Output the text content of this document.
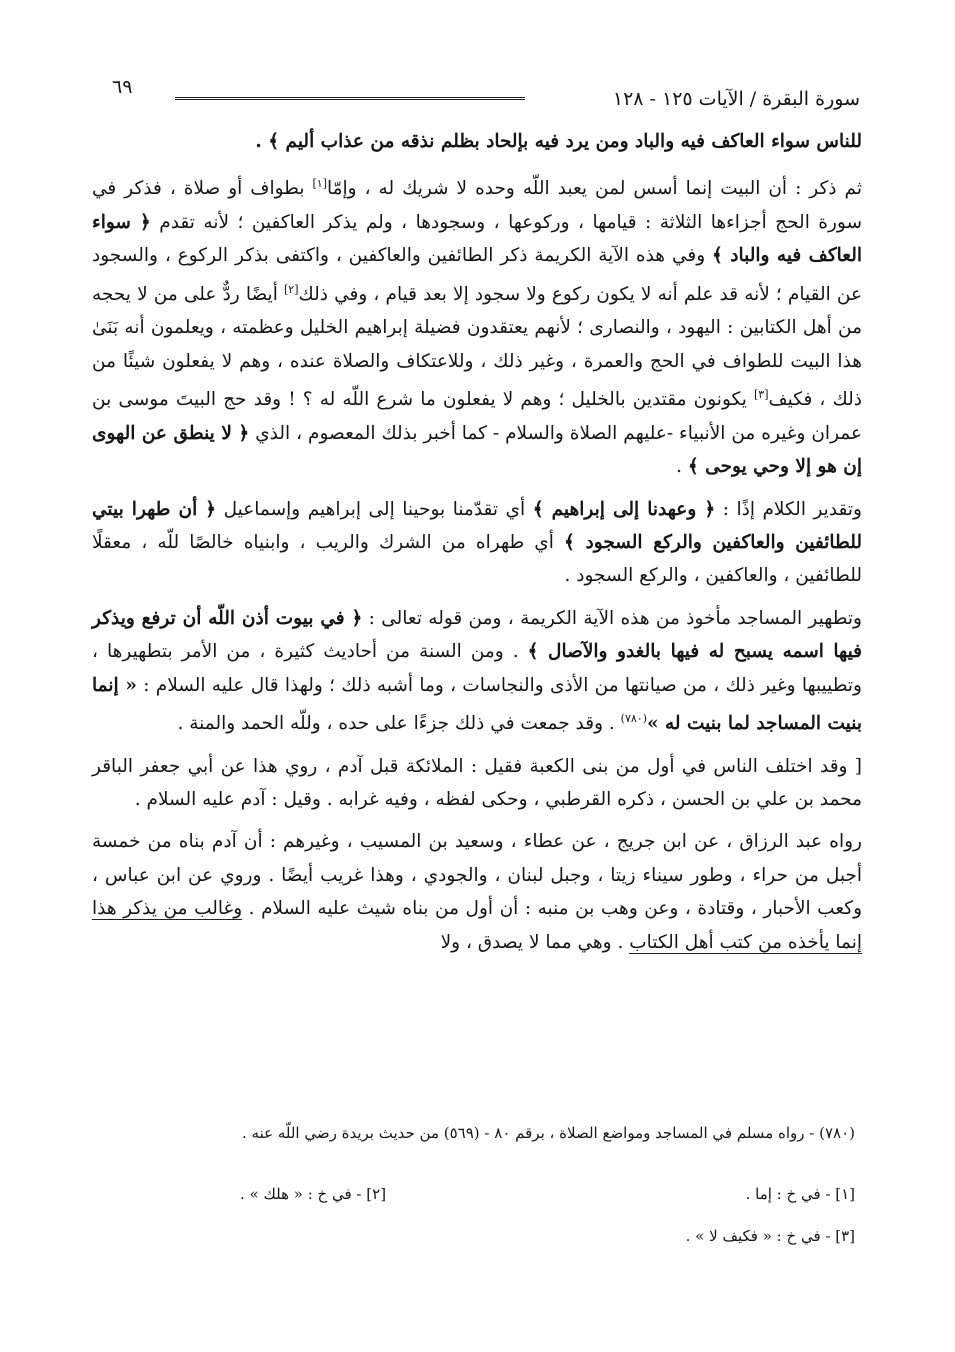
سورة البقرة / الآيات ١٢٥ - ١٢٨
٦٩

للناس سواء العاكف فيه والباد ومن يرد فيه بإلحاد بظلم نذقه من عذاب أليم ﴾ .

ثم ذكر : أن البيت إنما أسس لمن يعبد اللّه وحده لا شريك له ، وإمّا[١] بطواف أو صلاة ، فذكر في سورة الحج أجزاءها الثلاثة : قيامها ، وركوعها ، وسجودها ، ولم يذكر العاكفين ؛ لأنه تقدم ﴿ سواء العاكف فيه والباد ﴾ وفي هذه الآية الكريمة ذكر الطائفين والعاكفين ، واكتفى بذكر الركوع ، والسجود عن القيام ؛ لأنه قد علم أنه لا يكون ركوع ولا سجود إلا بعد قيام ، وفي ذلك[٢] أيضًا ردٌّ على من لا يحجه من أهل الكتابين : اليهود ، والنصارى ؛ لأنهم يعتقدون فضيلة إبراهيم الخليل وعظمته ، ويعلمون أنه بَنَىٰ هذا البيت للطواف في الحج والعمرة ، وغير ذلك ، وللاعتكاف والصلاة عنده ، وهم لا يفعلون شيئًا من ذلك ، فكيف[٣] يكونون مقتدين بالخليل ؛ وهم لا يفعلون ما شرع اللّه له ؟ ! وقد حج البيتَ موسى بن عمران وغيره من الأنبياء -عليهم الصلاة والسلام - كما أخبر بذلك المعصوم ، الذي ﴿ لا ينطق عن الهوى إن هو إلا وحي يوحى ﴾ .

وتقدير الكلام إذًا : ﴿ وعهدنا إلى إبراهيم ﴾ أي تقدّمنا بوحينا إلى إبراهيم وإسماعيل ﴿ أن طهرا بيتي للطائفين والعاكفين والركع السجود ﴾ أي طهراه من الشرك والريب ، وابنياه خالصًا للّه ، معقلًا للطائفين ، والعاكفين ، والركع السجود .

وتطهير المساجد مأخوذ من هذه الآية الكريمة ، ومن قوله تعالى : ﴿ في بيوت أذن اللّه أن ترفع ويذكر فيها اسمه يسبح له فيها بالغدو والآصال ﴾ . ومن السنة من أحاديث كثيرة ، من الأمر بتطهيرها ، وتطييبها وغير ذلك ، من صيانتها من الأذى والنجاسات ، وما أشبه ذلك ؛ ولهذا قال عليه السلام : « إنما بنيت المساجد لما بنيت له »$^{(٧٨٠)}$ . وقد جمعت في ذلك جزءًا على حده ، وللّه الحمد والمنة .

[ وقد اختلف الناس في أول من بنى الكعبة فقيل : الملائكة قبل آدم ، روي هذا عن أبي جعفر الباقر محمد بن علي بن الحسن ، ذكره القرطبي ، وحكى لفظه ، وفيه غرابه . وقيل : آدم عليه السلام .

رواه عبد الرزاق ، عن ابن جريج ، عن عطاء ، وسعيد بن المسيب ، وغيرهم : أن آدم بناه من خمسة أجبل من حراء ، وطور سيناء زيتا ، وجبل لبنان ، والجودي ، وهذا غريب أيضًا . وروي عن ابن عباس ، وكعب الأحبار ، وقتادة ، وعن وهب بن منبه : أن أول من بناه شيث عليه السلام . وغالب من يذكر هذا إنما يأخذه من كتب أهل الكتاب . وهي مما لا يصدق ، ولا

(٧٨٠) - رواه مسلم في المساجد ومواضع الصلاة ، برقم ٨٠ - (٥٦٩) من حديث بريدة رضي اللّه عنه .
[١] - في خ : إما .
[٢] - في خ : « هلك » .
[٣] - في خ : « فكيف لا » .
